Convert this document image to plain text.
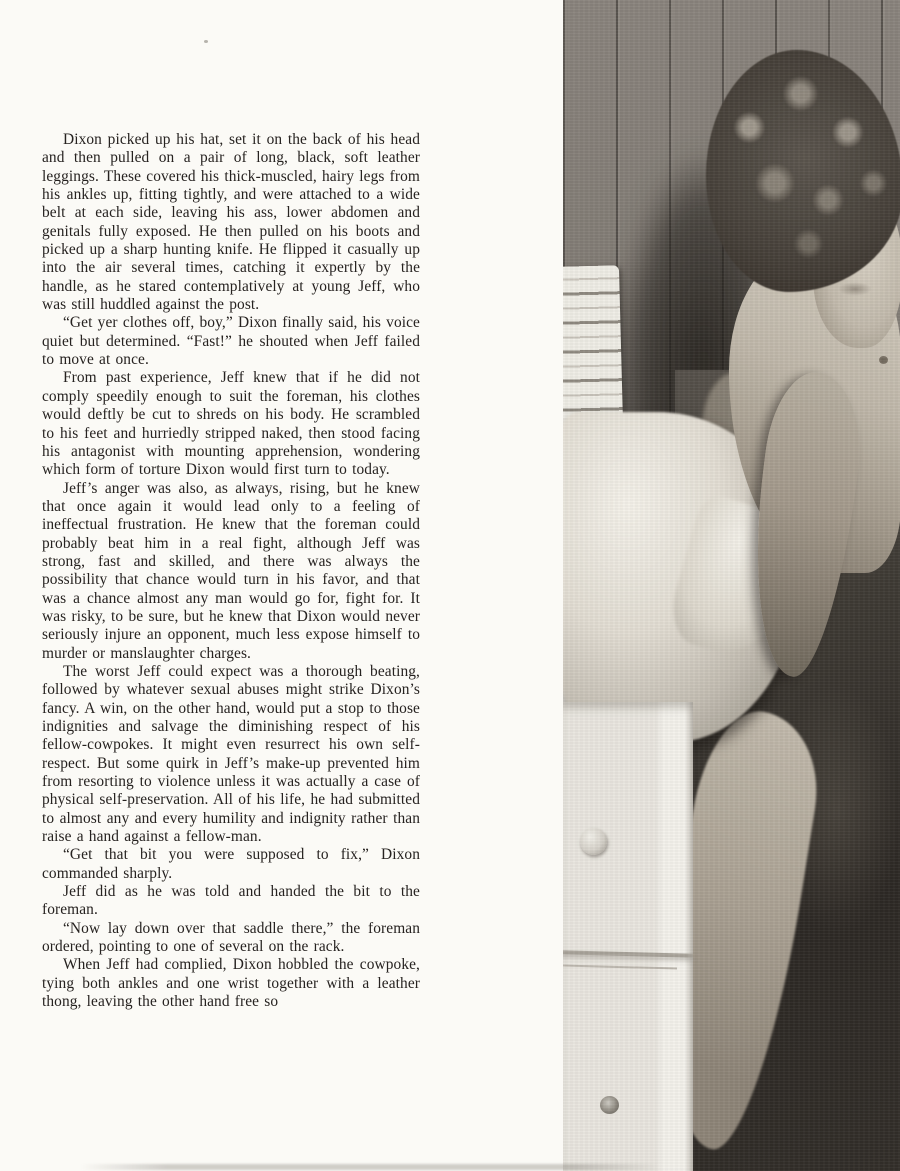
Dixon picked up his hat, set it on the back of his head and then pulled on a pair of long, black, soft leather leggings. These covered his thick-muscled, hairy legs from his ankles up, fitting tightly, and were attached to a wide belt at each side, leaving his ass, lower abdomen and genitals fully exposed. He then pulled on his boots and picked up a sharp hunting knife. He flipped it casually up into the air several times, catching it expertly by the handle, as he stared contemplatively at young Jeff, who was still huddled against the post.

“Get yer clothes off, boy,” Dixon finally said, his voice quiet but determined. “Fast!” he shouted when Jeff failed to move at once.

From past experience, Jeff knew that if he did not comply speedily enough to suit the foreman, his clothes would deftly be cut to shreds on his body. He scrambled to his feet and hurriedly stripped naked, then stood facing his antagonist with mounting apprehension, wondering which form of torture Dixon would first turn to today.

Jeff’s anger was also, as always, rising, but he knew that once again it would lead only to a feeling of ineffectual frustration. He knew that the foreman could probably beat him in a real fight, although Jeff was strong, fast and skilled, and there was always the possibility that chance would turn in his favor, and that was a chance almost any man would go for, fight for. It was risky, to be sure, but he knew that Dixon would never seriously injure an opponent, much less expose himself to murder or manslaughter charges.

The worst Jeff could expect was a thorough beating, followed by whatever sexual abuses might strike Dixon’s fancy. A win, on the other hand, would put a stop to those indignities and salvage the diminishing respect of his fellow-cowpokes. It might even resurrect his own self-respect. But some quirk in Jeff’s make-up prevented him from resorting to violence unless it was actually a case of physical self-preservation. All of his life, he had submitted to almost any and every humility and indignity rather than raise a hand against a fellow-man.

“Get that bit you were supposed to fix,” Dixon commanded sharply.

Jeff did as he was told and handed the bit to the foreman.

“Now lay down over that saddle there,” the foreman ordered, pointing to one of several on the rack.

When Jeff had complied, Dixon hobbled the cowpoke, tying both ankles and one wrist together with a leather thong, leaving the other hand free so
